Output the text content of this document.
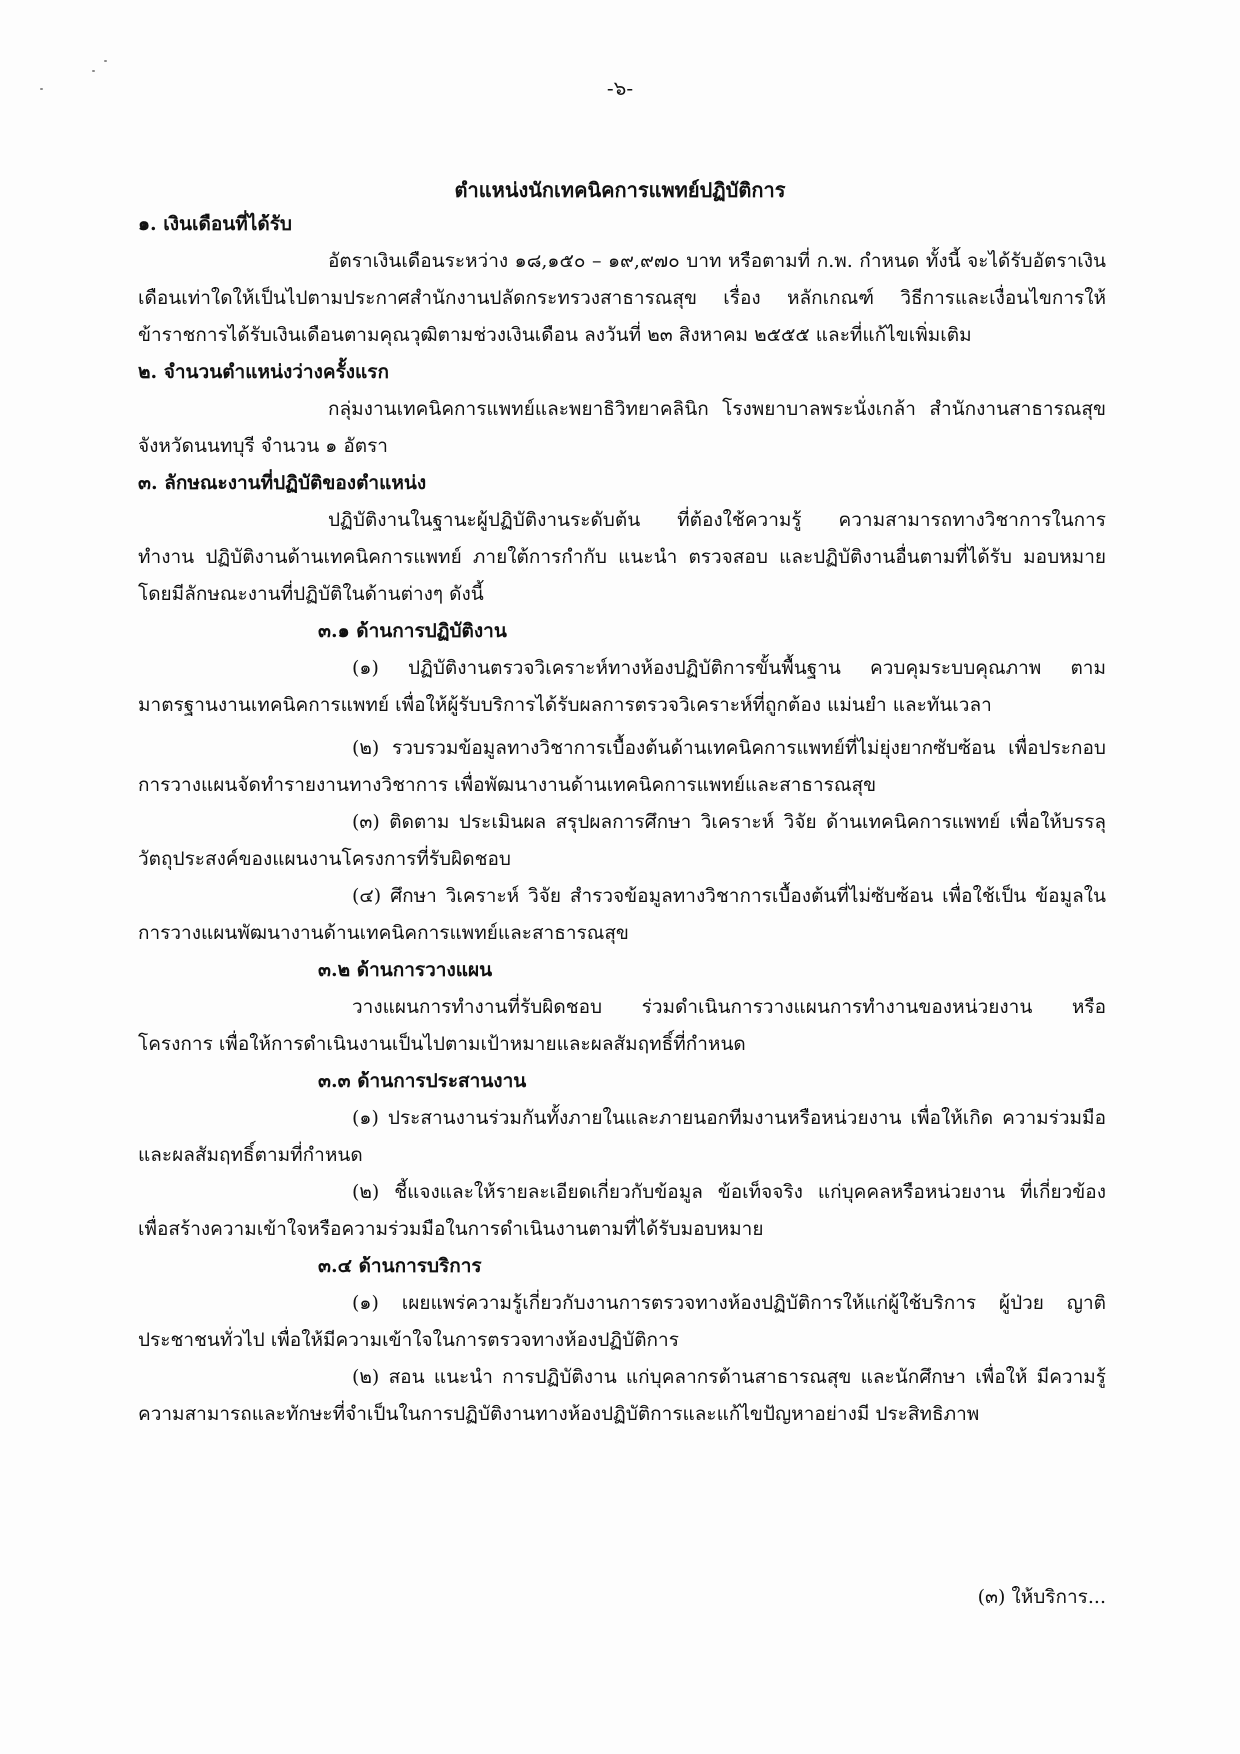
-๖-
ตำแหน่งนักเทคนิคการแพทย์ปฏิบัติการ
๑. เงินเดือนที่ได้รับ
อัตราเงินเดือนระหว่าง ๑๘,๑๕๐ – ๑๙,๙๗๐ บาท หรือตามที่ ก.พ. กำหนด ทั้งนี้ จะได้รับอัตราเงินเดือนเท่าใดให้เป็นไปตามประกาศสำนักงานปลัดกระทรวงสาธารณสุข เรื่อง หลักเกณฑ์ วิธีการและเงื่อนไขการให้ข้าราชการได้รับเงินเดือนตามคุณวุฒิตามช่วงเงินเดือน ลงวันที่ ๒๓ สิงหาคม ๒๕๕๕ และที่แก้ไขเพิ่มเติม
๒. จำนวนตำแหน่งว่างครั้งแรก
กลุ่มงานเทคนิคการแพทย์และพยาธิวิทยาคลินิก โรงพยาบาลพระนั่งเกล้า สำนักงานสาธารณสุข จังหวัดนนทบุรี จำนวน ๑ อัตรา
๓. ลักษณะงานที่ปฏิบัติของตำแหน่ง
ปฏิบัติงานในฐานะผู้ปฏิบัติงานระดับต้น ที่ต้องใช้ความรู้ ความสามารถทางวิชาการในการ ทำงาน ปฏิบัติงานด้านเทคนิคการแพทย์ ภายใต้การกำกับ แนะนำ ตรวจสอบ และปฏิบัติงานอื่นตามที่ได้รับ มอบหมาย โดยมีลักษณะงานที่ปฏิบัติในด้านต่างๆ ดังนี้
๓.๑ ด้านการปฏิบัติงาน
(๑) ปฏิบัติงานตรวจวิเคราะห์ทางห้องปฏิบัติการขั้นพื้นฐาน ควบคุมระบบคุณภาพ ตามมาตรฐานงานเทคนิคการแพทย์ เพื่อให้ผู้รับบริการได้รับผลการตรวจวิเคราะห์ที่ถูกต้อง แม่นยำ และทันเวลา
(๒) รวบรวมข้อมูลทางวิชาการเบื้องต้นด้านเทคนิคการแพทย์ที่ไม่ยุ่งยากซับซ้อน เพื่อประกอบการวางแผนจัดทำรายงานทางวิชาการ เพื่อพัฒนางานด้านเทคนิคการแพทย์และสาธารณสุข
(๓) ติดตาม ประเมินผล สรุปผลการศึกษา วิเคราะห์ วิจัย ด้านเทคนิคการแพทย์ เพื่อให้บรรลุวัตถุประสงค์ของแผนงานโครงการที่รับผิดชอบ
(๔) ศึกษา วิเคราะห์ วิจัย สำรวจข้อมูลทางวิชาการเบื้องต้นที่ไม่ซับซ้อน เพื่อใช้เป็น ข้อมูลในการวางแผนพัฒนางานด้านเทคนิคการแพทย์และสาธารณสุข
๓.๒ ด้านการวางแผน
วางแผนการทำงานที่รับผิดชอบ ร่วมดำเนินการวางแผนการทำงานของหน่วยงาน หรือโครงการ เพื่อให้การดำเนินงานเป็นไปตามเป้าหมายและผลสัมฤทธิ์ที่กำหนด
๓.๓ ด้านการประสานงาน
(๑) ประสานงานร่วมกันทั้งภายในและภายนอกทีมงานหรือหน่วยงาน เพื่อให้เกิด ความร่วมมือและผลสัมฤทธิ์ตามที่กำหนด
(๒) ชี้แจงและให้รายละเอียดเกี่ยวกับข้อมูล ข้อเท็จจริง แก่บุคคลหรือหน่วยงาน ที่เกี่ยวข้อง เพื่อสร้างความเข้าใจหรือความร่วมมือในการดำเนินงานตามที่ได้รับมอบหมาย
๓.๔ ด้านการบริการ
(๑) เผยแพร่ความรู้เกี่ยวกับงานการตรวจทางห้องปฏิบัติการให้แก่ผู้ใช้บริการ ผู้ป่วย ญาติ ประชาชนทั่วไป เพื่อให้มีความเข้าใจในการตรวจทางห้องปฏิบัติการ
(๒) สอน แนะนำ การปฏิบัติงาน แก่บุคลากรด้านสาธารณสุข และนักศึกษา เพื่อให้ มีความรู้ความสามารถและทักษะที่จำเป็นในการปฏิบัติงานทางห้องปฏิบัติการและแก้ไขปัญหาอย่างมี ประสิทธิภาพ
(๓) ให้บริการ...
